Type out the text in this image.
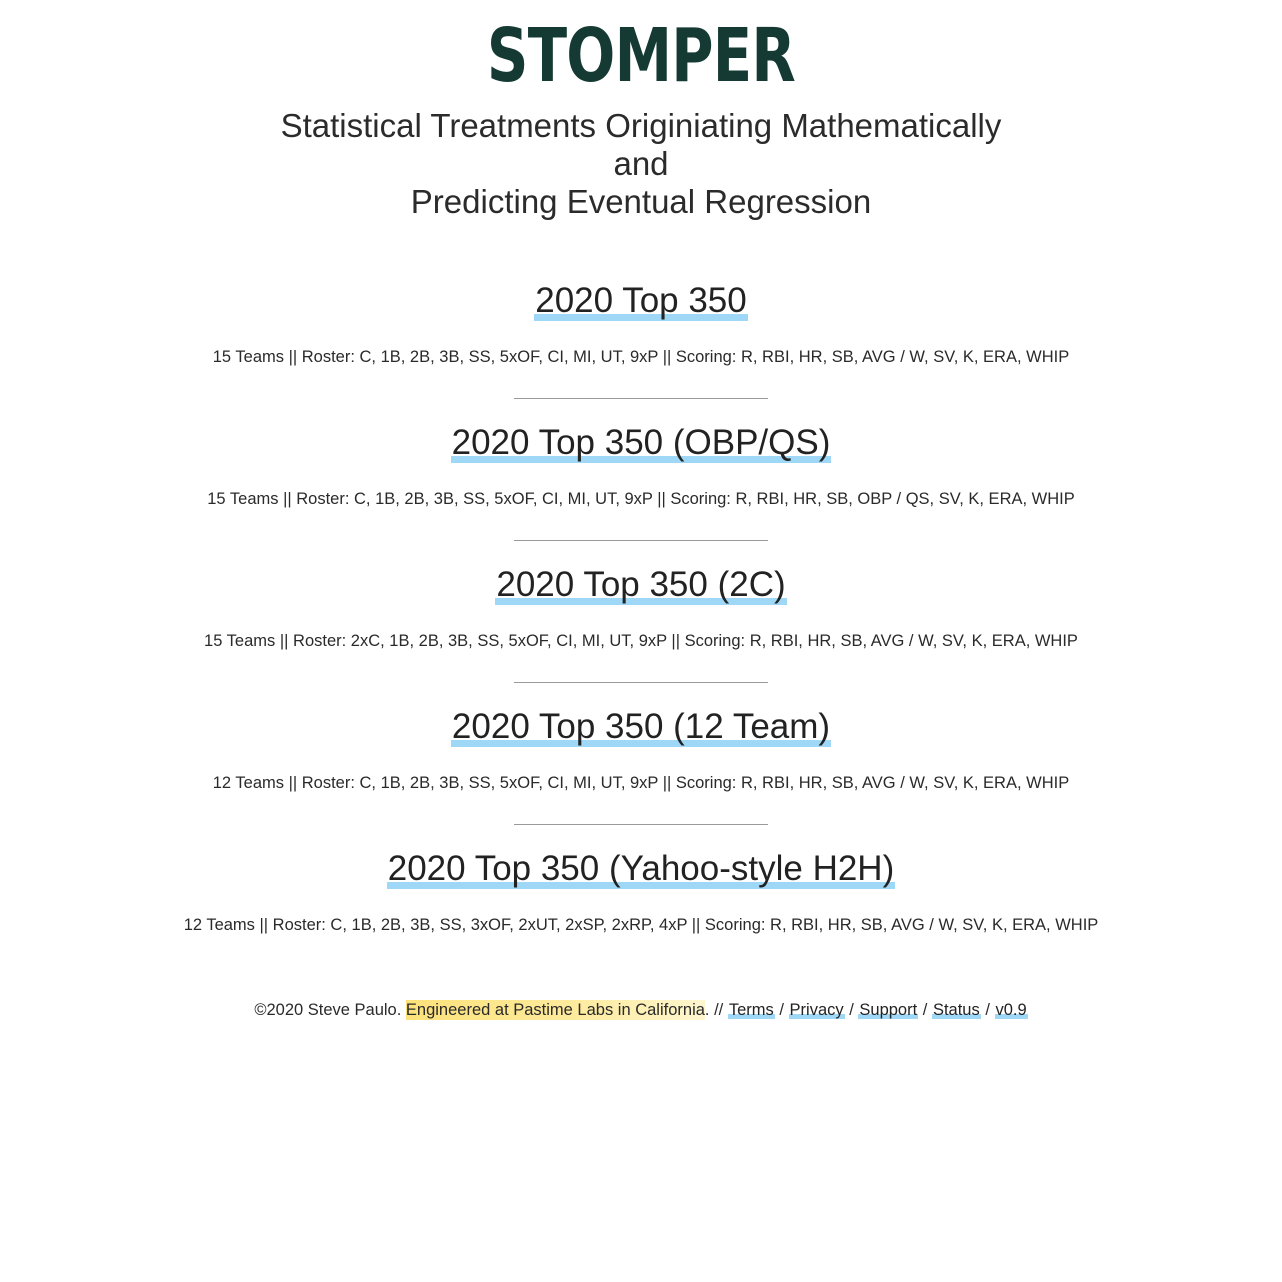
STOMPER
Statistical Treatments Originiating Mathematically
and
Predicting Eventual Regression
2020 Top 350
15 Teams || Roster: C, 1B, 2B, 3B, SS, 5xOF, CI, MI, UT, 9xP || Scoring: R, RBI, HR, SB, AVG / W, SV, K, ERA, WHIP
2020 Top 350 (OBP/QS)
15 Teams || Roster: C, 1B, 2B, 3B, SS, 5xOF, CI, MI, UT, 9xP || Scoring: R, RBI, HR, SB, OBP / QS, SV, K, ERA, WHIP
2020 Top 350 (2C)
15 Teams || Roster: 2xC, 1B, 2B, 3B, SS, 5xOF, CI, MI, UT, 9xP || Scoring: R, RBI, HR, SB, AVG / W, SV, K, ERA, WHIP
2020 Top 350 (12 Team)
12 Teams || Roster: C, 1B, 2B, 3B, SS, 5xOF, CI, MI, UT, 9xP || Scoring: R, RBI, HR, SB, AVG / W, SV, K, ERA, WHIP
2020 Top 350 (Yahoo-style H2H)
12 Teams || Roster: C, 1B, 2B, 3B, SS, 3xOF, 2xUT, 2xSP, 2xRP, 4xP || Scoring: R, RBI, HR, SB, AVG / W, SV, K, ERA, WHIP
©2020 Steve Paulo. Engineered at Pastime Labs in California. // Terms / Privacy / Support / Status / v0.9
